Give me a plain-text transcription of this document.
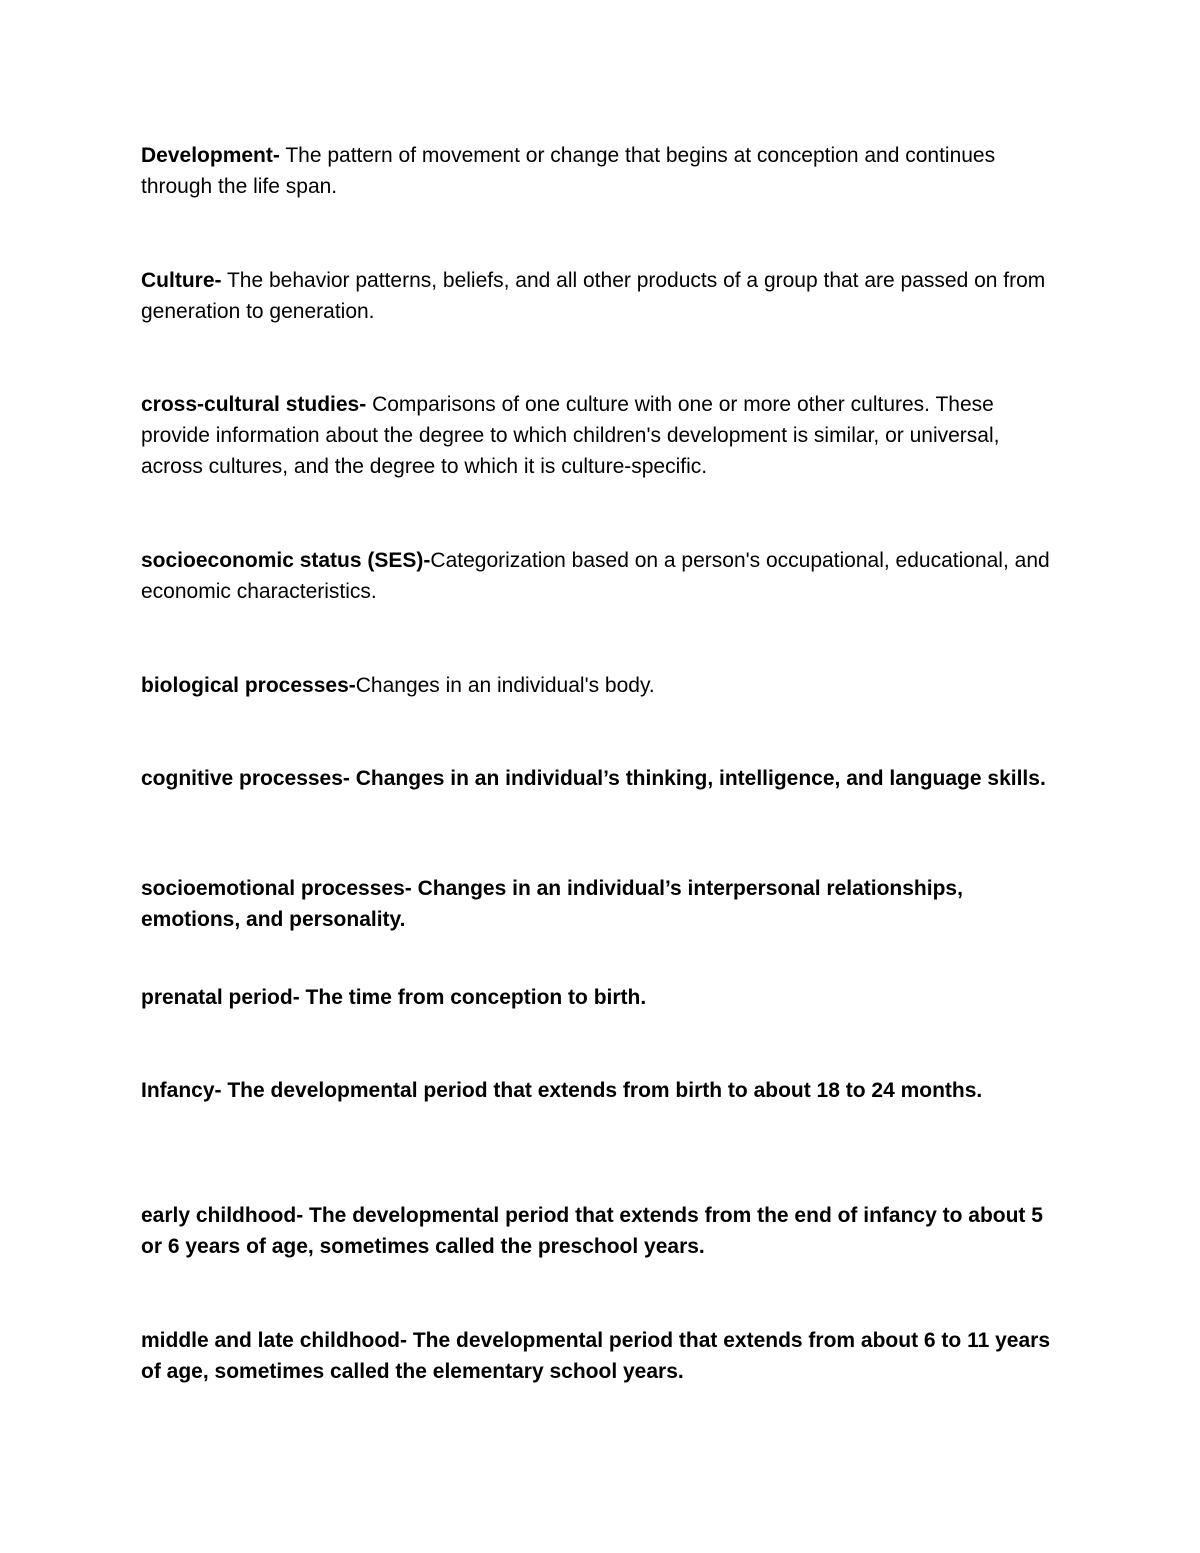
Development- The pattern of movement or change that begins at conception and continues through the life span.

Culture- The behavior patterns, beliefs, and all other products of a group that are passed on from generation to generation.

cross-cultural studies- Comparisons of one culture with one or more other cultures. These provide information about the degree to which children's development is similar, or universal, across cultures, and the degree to which it is culture-specific.

socioeconomic status (SES)-Categorization based on a person's occupational, educational, and economic characteristics.

biological processes-Changes in an individual's body.

cognitive processes- Changes in an individual’s thinking, intelligence, and language skills.

socioemotional processes- Changes in an individual’s interpersonal relationships, emotions, and personality.

prenatal period- The time from conception to birth.

Infancy- The developmental period that extends from birth to about 18 to 24 months.

early childhood- The developmental period that extends from the end of infancy to about 5 or 6 years of age, sometimes called the preschool years.

middle and late childhood- The developmental period that extends from about 6 to 11 years of age, sometimes called the elementary school years.
